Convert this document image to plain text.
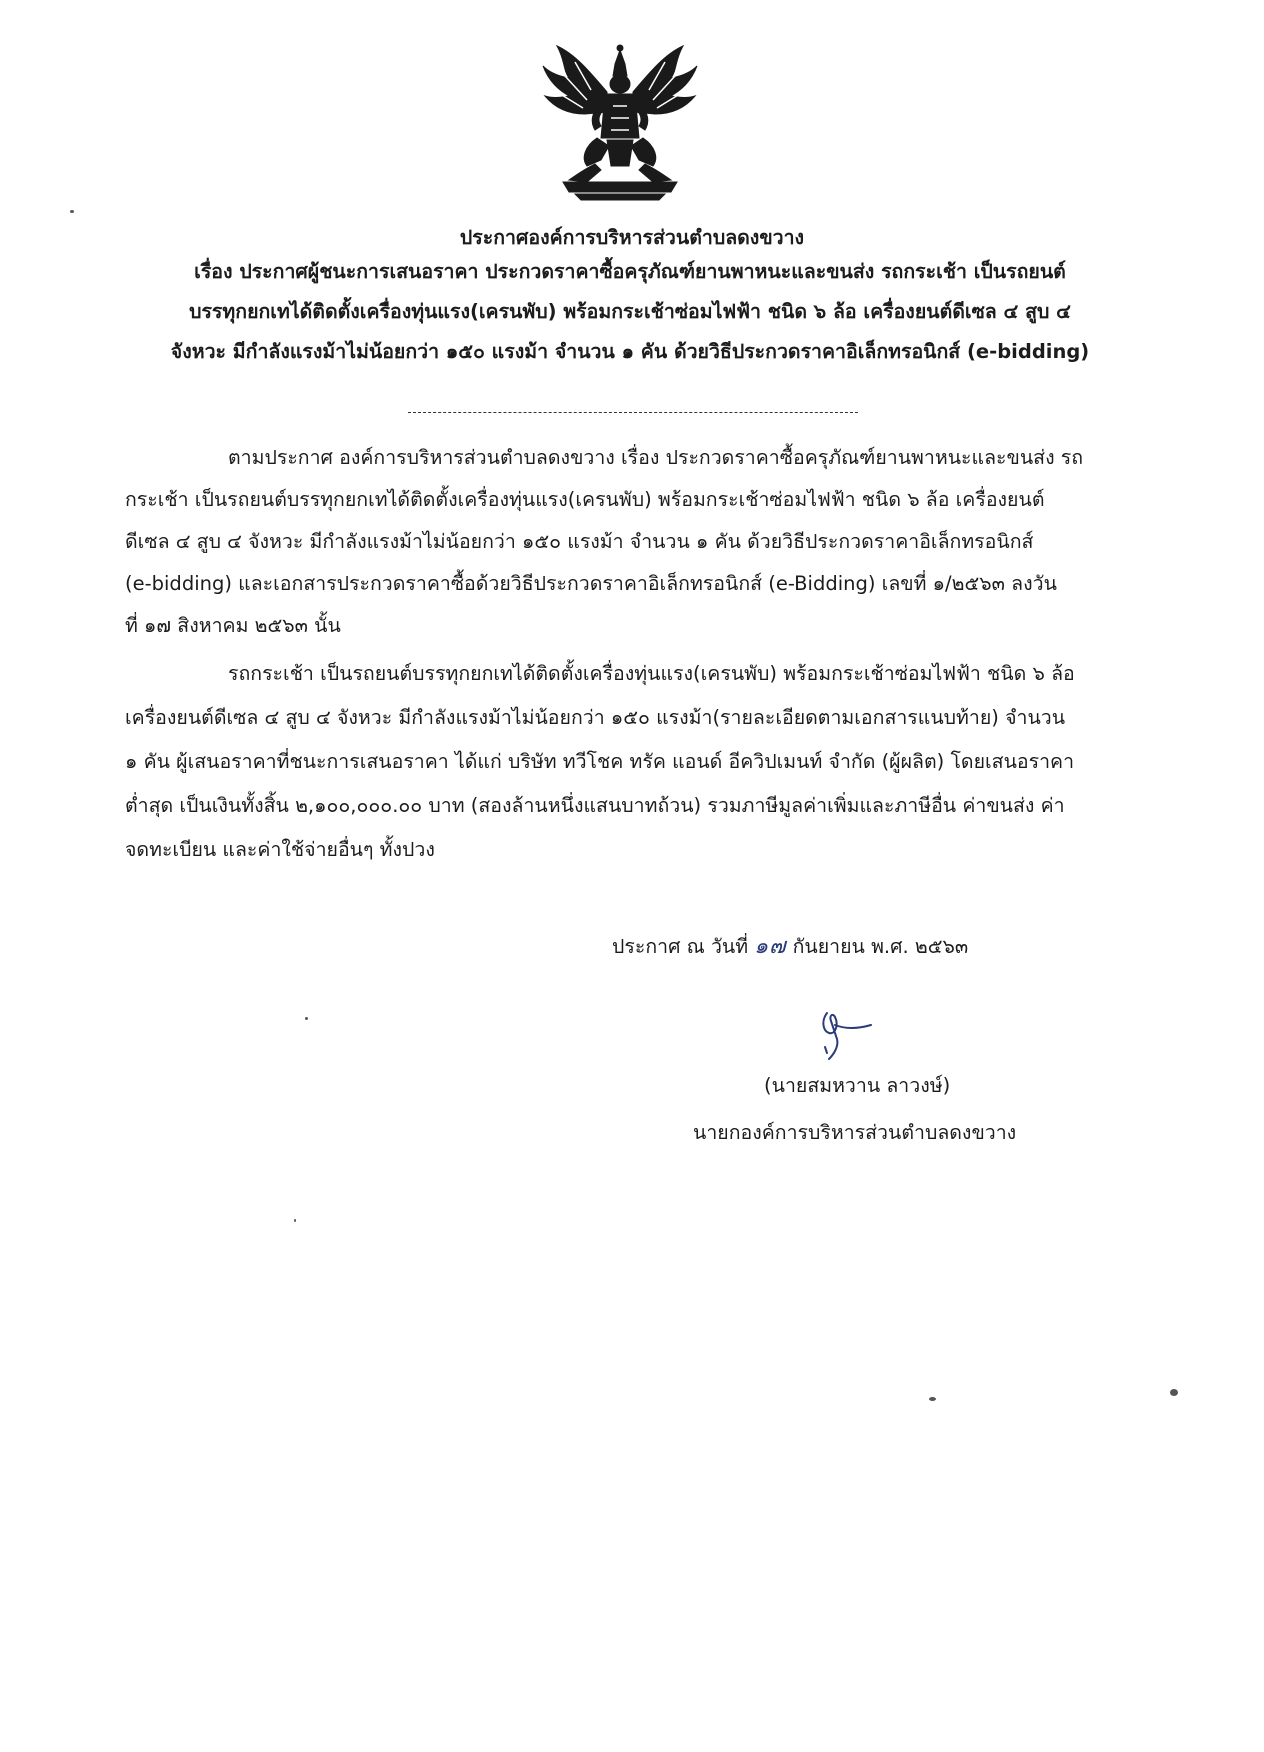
ประกาศองค์การบริหารส่วนตำบลดงขวาง
เรื่อง ประกาศผู้ชนะการเสนอราคา ประกวดราคาซื้อครุภัณฑ์ยานพาหนะและขนส่ง รถกระเช้า เป็นรถยนต์
บรรทุกยกเทได้ติดตั้งเครื่องทุ่นแรง(เครนพับ) พร้อมกระเช้าซ่อมไฟฟ้า ชนิด ๖ ล้อ เครื่องยนต์ดีเซล ๔ สูบ ๔
จังหวะ มีกำลังแรงม้าไม่น้อยกว่า ๑๕๐ แรงม้า จำนวน ๑ คัน ด้วยวิธีประกวดราคาอิเล็กทรอนิกส์ (e-bidding)
ตามประกาศ องค์การบริหารส่วนตำบลดงขวาง เรื่อง ประกวดราคาซื้อครุภัณฑ์ยานพาหนะและขนส่ง รถ
กระเช้า เป็นรถยนต์บรรทุกยกเทได้ติดตั้งเครื่องทุ่นแรง(เครนพับ) พร้อมกระเช้าซ่อมไฟฟ้า ชนิด ๖ ล้อ เครื่องยนต์
ดีเซล ๔ สูบ ๔ จังหวะ มีกำลังแรงม้าไม่น้อยกว่า ๑๕๐ แรงม้า จำนวน ๑ คัน ด้วยวิธีประกวดราคาอิเล็กทรอนิกส์
(e-bidding) และเอกสารประกวดราคาซื้อด้วยวิธีประกวดราคาอิเล็กทรอนิกส์ (e-Bidding) เลขที่ ๑/๒๕๖๓ ลงวัน
ที่ ๑๗ สิงหาคม ๒๕๖๓ นั้น
รถกระเช้า เป็นรถยนต์บรรทุกยกเทได้ติดตั้งเครื่องทุ่นแรง(เครนพับ) พร้อมกระเช้าซ่อมไฟฟ้า ชนิด ๖ ล้อ
เครื่องยนต์ดีเซล ๔ สูบ ๔ จังหวะ มีกำลังแรงม้าไม่น้อยกว่า ๑๕๐ แรงม้า(รายละเอียดตามเอกสารแนบท้าย) จำนวน
๑ คัน ผู้เสนอราคาที่ชนะการเสนอราคา ได้แก่ บริษัท ทวีโชค ทรัค แอนด์ อีควิปเมนท์ จำกัด (ผู้ผลิต) โดยเสนอราคา
ต่ำสุด เป็นเงินทั้งสิ้น ๒,๑๐๐,๐๐๐.๐๐ บาท (สองล้านหนึ่งแสนบาทถ้วน) รวมภาษีมูลค่าเพิ่มและภาษีอื่น ค่าขนส่ง ค่า
จดทะเบียน และค่าใช้จ่ายอื่นๆ ทั้งปวง
ประกาศ ณ วันที่ ๑๗ กันยายน พ.ศ. ๒๕๖๓
(นายสมหวาน ลาวงษ์)
นายกองค์การบริหารส่วนตำบลดงขวาง
